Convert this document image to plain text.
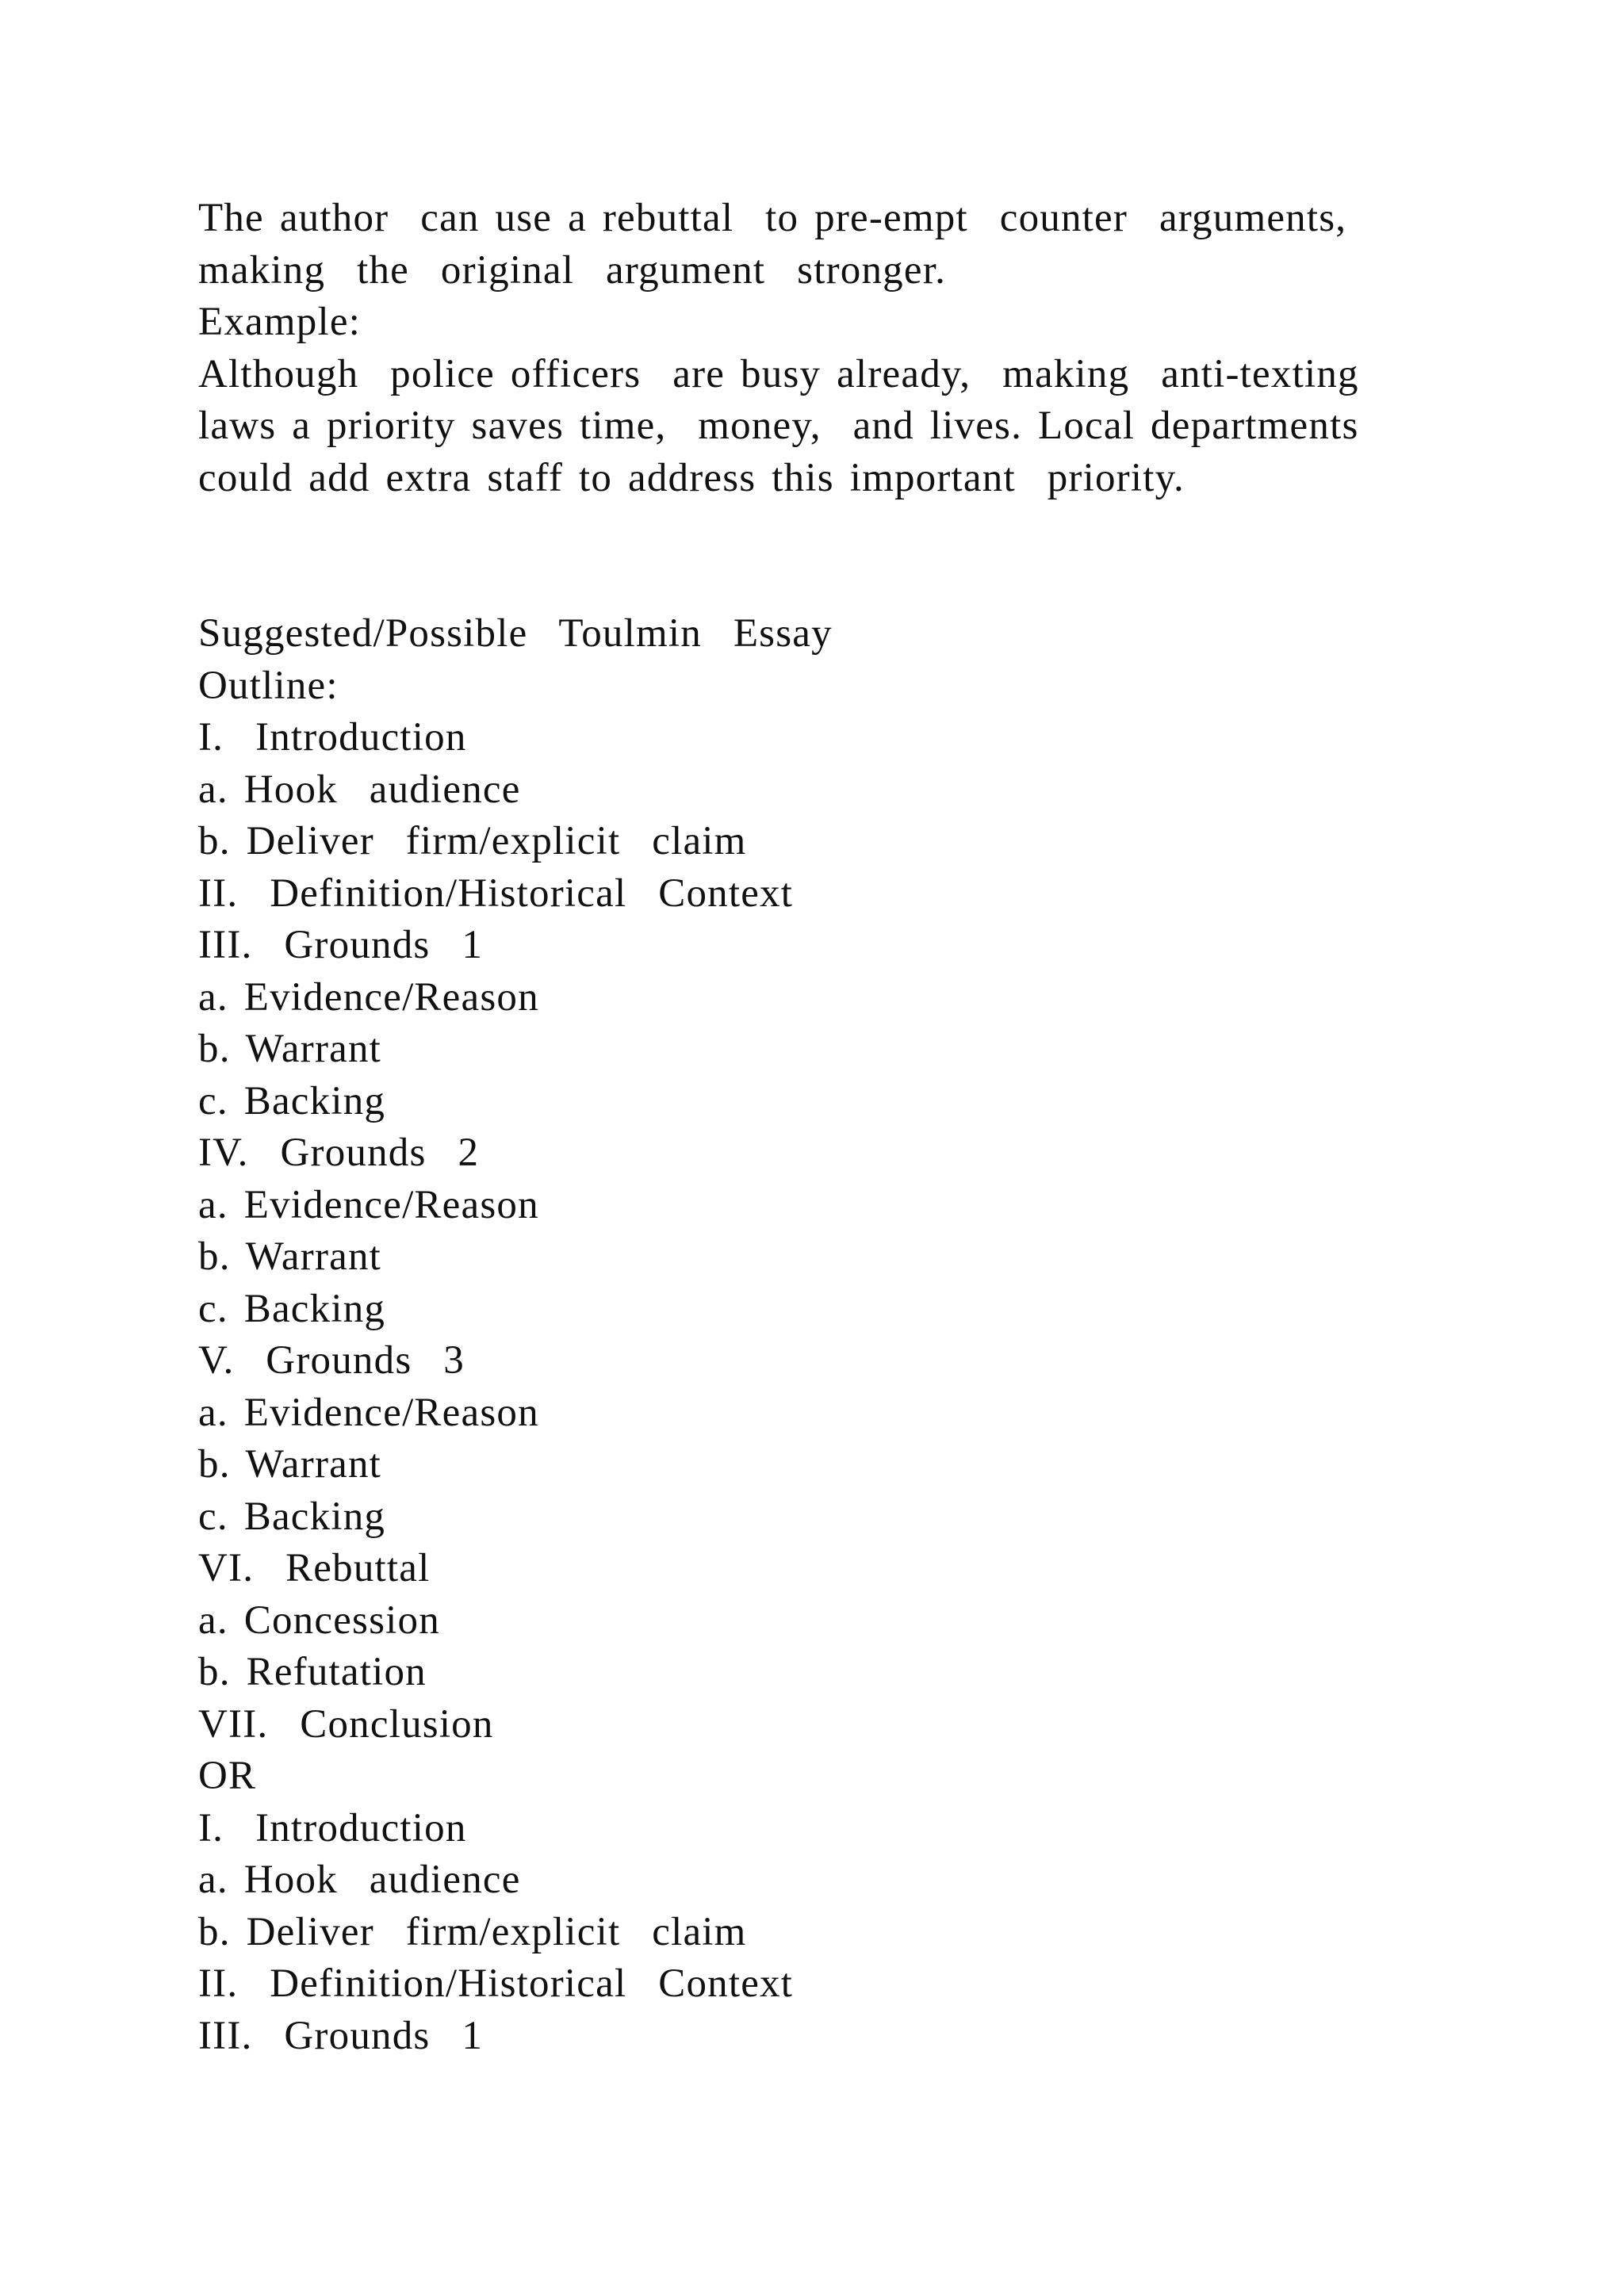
The author  can use a rebuttal  to pre-empt  counter  arguments,
making  the  original  argument  stronger.
Example:
Although  police officers  are busy already,  making  anti-texting
laws a priority saves time,  money,  and lives. Local departments
could add extra staff to address this important  priority.
Suggested/Possible  Toulmin  Essay
Outline:
I.  Introduction
a. Hook  audience
b. Deliver  firm/explicit  claim
II.  Definition/Historical  Context
III.  Grounds  1
a. Evidence/Reason
b. Warrant
c. Backing
IV.  Grounds  2
a. Evidence/Reason
b. Warrant
c. Backing
V.  Grounds  3
a. Evidence/Reason
b. Warrant
c. Backing
VI.  Rebuttal
a. Concession
b. Refutation
VII.  Conclusion
OR
I.  Introduction
a. Hook  audience
b. Deliver  firm/explicit  claim
II.  Definition/Historical  Context
III.  Grounds  1
